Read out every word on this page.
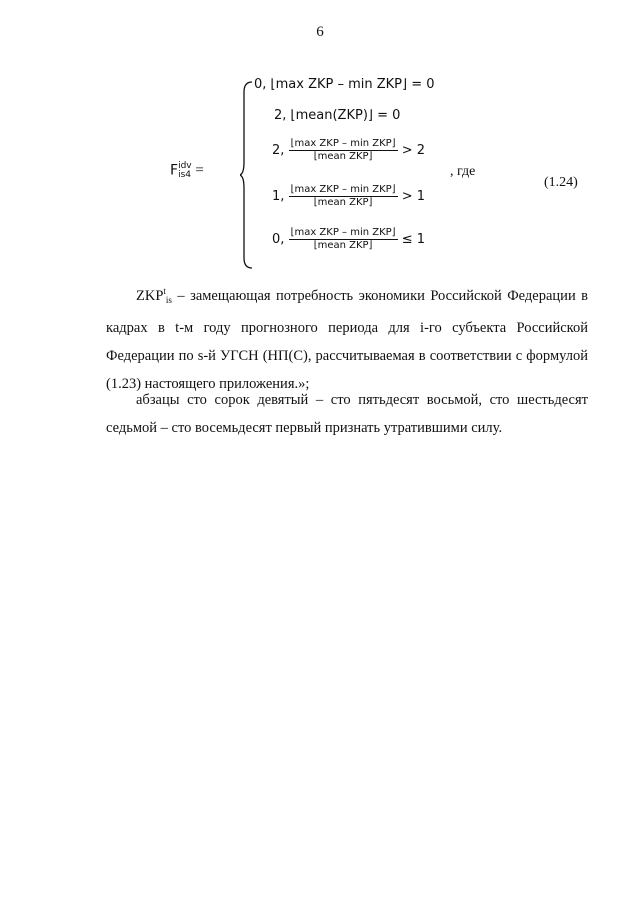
6
Fidv
is4 =
0, ⌊max ZKP – min ZKP⌋ = 0
2, ⌊mean(ZKP)⌋ = 0
2, $\frac{\text{⌊max ZKP – min ZKP⌋}}{\text{⌊mean ZKP⌋}} > 2$
1, $\frac{\text{⌊max ZKP – min ZKP⌋}}{\text{⌊mean ZKP⌋}} > 1$
0, $\frac{\text{⌊max ZKP – min ZKP⌋}}{\text{⌊mean ZKP⌋}} \le 1$
, где
(1.24)
$ZKP^t_{is}$ – замещающая потребность экономики Российской Федерации в кадрах в t-м году прогнозного периода для i-го субъекта Российской Федерации по s-й УГСН (НП(С), рассчитываемая в соответствии с формулой (1.23) настоящего приложения.»;
абзацы сто сорок девятый – сто пятьдесят восьмой, сто шестьдесят седьмой – сто восемьдесят первый признать утратившими силу.
